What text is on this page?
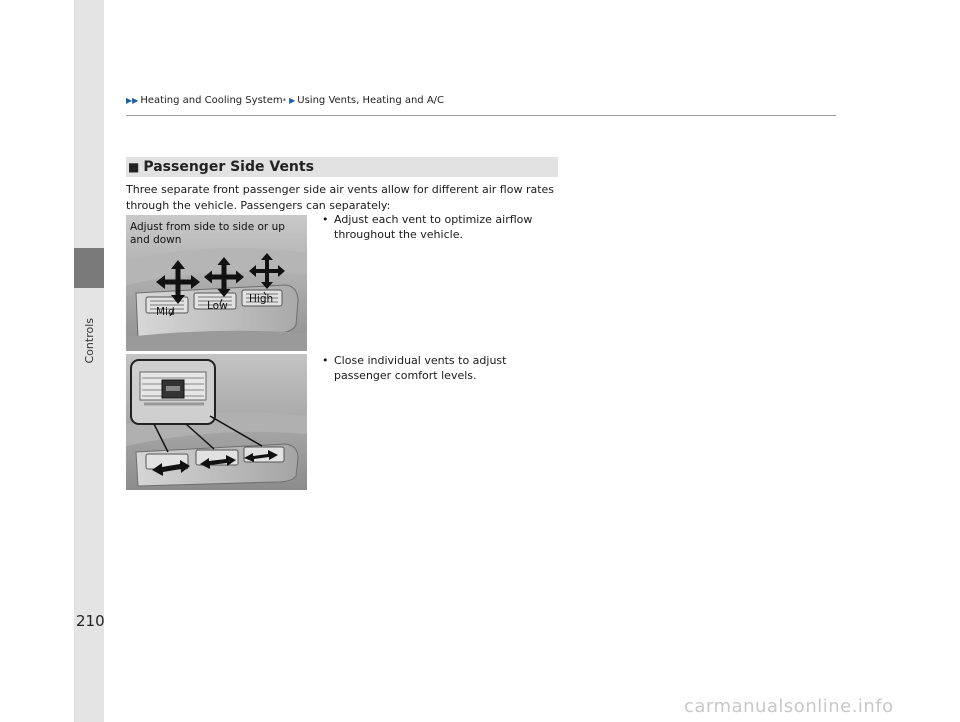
Controls
▶▶ Heating and Cooling System * ▶ Using Vents, Heating and A/C
■ Passenger Side Vents

Three separate front passenger side air vents allow for different air flow rates through the vehicle. Passengers can separately:

• Adjust each vent to optimize airflow throughout the vehicle.
• Close individual vents to adjust passenger comfort levels.
Adjust from side to side or up and down
Mid	Low
High
210
carmanualsonline.info
